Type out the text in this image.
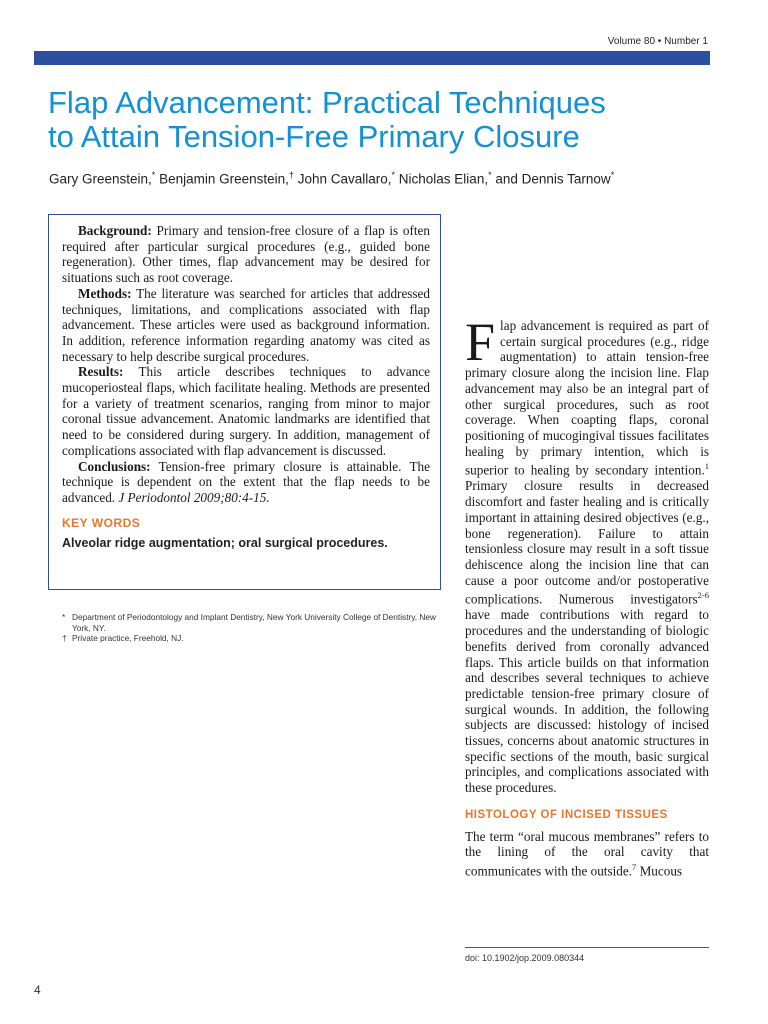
Volume 80 • Number 1
Flap Advancement: Practical Techniques
to Attain Tension-Free Primary Closure
Gary Greenstein,* Benjamin Greenstein,† John Cavallaro,* Nicholas Elian,* and Dennis Tarnow*

Background: Primary and tension-free closure of a flap is often required after particular surgical procedures (e.g., guided bone regeneration). Other times, flap advancement may be desired for situations such as root coverage.

Methods: The literature was searched for articles that addressed techniques, limitations, and complications associated with flap advancement. These articles were used as background information. In addition, reference information regarding anatomy was cited as necessary to help describe surgical procedures.

Results: This article describes techniques to advance mucoperiosteal flaps, which facilitate healing. Methods are presented for a variety of treatment scenarios, ranging from minor to major coronal tissue advancement. Anatomic landmarks are identified that need to be considered during surgery. In addition, management of complications associated with flap advancement is discussed.

Conclusions: Tension-free primary closure is attainable. The technique is dependent on the extent that the flap needs to be advanced. J Periodontol 2009;80:4-15.

KEY WORDS
Alveolar ridge augmentation; oral surgical procedures.
* Department of Periodontology and Implant Dentistry, New York University College of Dentistry, New York, NY.
† Private practice, Freehold, NJ.

Flap advancement is required as part of certain surgical procedures (e.g., ridge augmentation) to attain tension-free primary closure along the incision line. Flap advancement may also be an integral part of other surgical procedures, such as root coverage. When coapting flaps, coronal positioning of mucogingival tissues facilitates healing by primary intention, which is superior to healing by secondary intention.$^1$ Primary closure results in decreased discomfort and faster healing and is critically important in attaining desired objectives (e.g., bone regeneration). Failure to attain tensionless closure may result in a soft tissue dehiscence along the incision line that can cause a poor outcome and/or postoperative complications. Numerous investigators$^{2-6}$ have made contributions with regard to procedures and the understanding of biologic benefits derived from coronally advanced flaps. This article builds on that information and describes several techniques to achieve predictable tension-free primary closure of surgical wounds. In addition, the following subjects are discussed: histology of incised tissues, concerns about anatomic structures in specific sections of the mouth, basic surgical principles, and complications associated with these procedures.

HISTOLOGY OF INCISED TISSUES

The term “oral mucous membranes” refers to the lining of the oral cavity that communicates with the outside.$^7$ Mucous

doi: 10.1902/jop.2009.080344
4
